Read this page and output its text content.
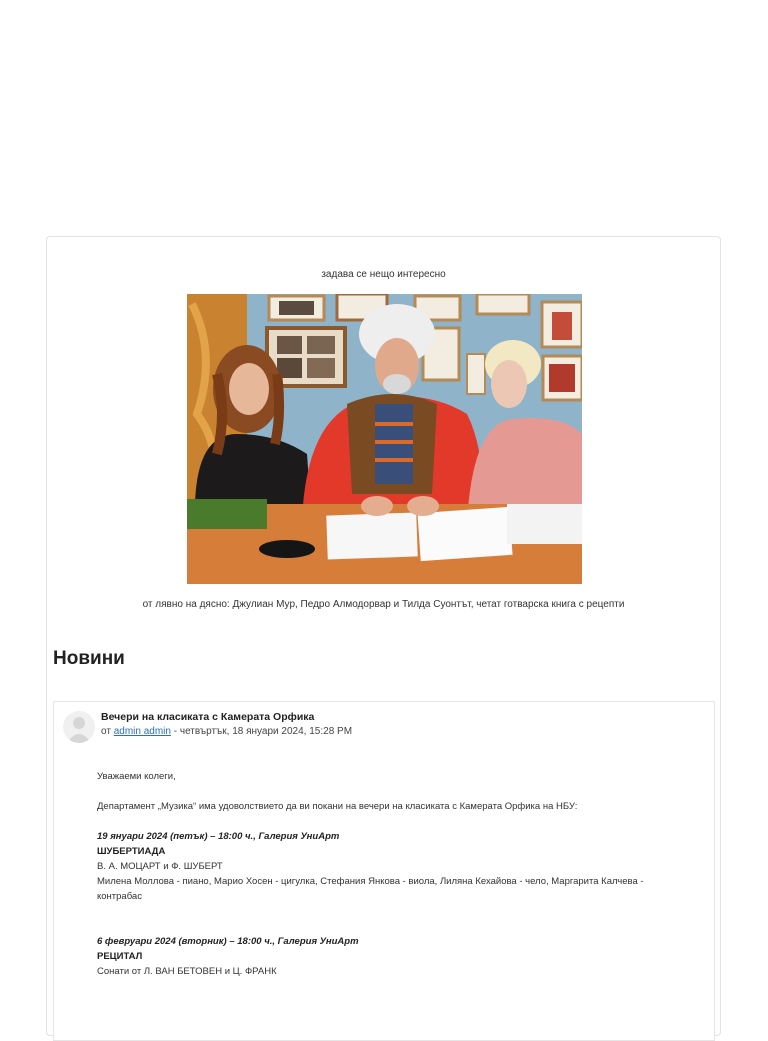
задава се нещо интересно
от лявно на дясно: Джулиан Мур, Педро Алмодорвар и Тилда Суонтът, четат готварска книга с рецепти
Новини
Вечери на класиката с Камерата Орфика
от admin admin - четвъртък, 18 януари 2024, 15:28 PM

Уважаеми колеги,

Департамент „Музика“ има удоволствието да ви покани на вечери на класиката с Камерата Орфика на НБУ:

19 януари 2024 (петък) – 18:00 ч., Галерия УниАрт

ШУБЕРТИАДА

В. А. МОЦАРТ и Ф. ШУБЕРТ

Милена Моллова - пиано, Марио Хосен - цигулка, Стефания Янкова - виола, Лиляна Кехайова - чело, Маргарита Калчева - контрабас

6 февруари 2024 (вторник) – 18:00 ч., Галерия УниАрт

РЕЦИТАЛ

Сонати от Л. ВАН БЕТОВЕН и Ц. ФРАНК
